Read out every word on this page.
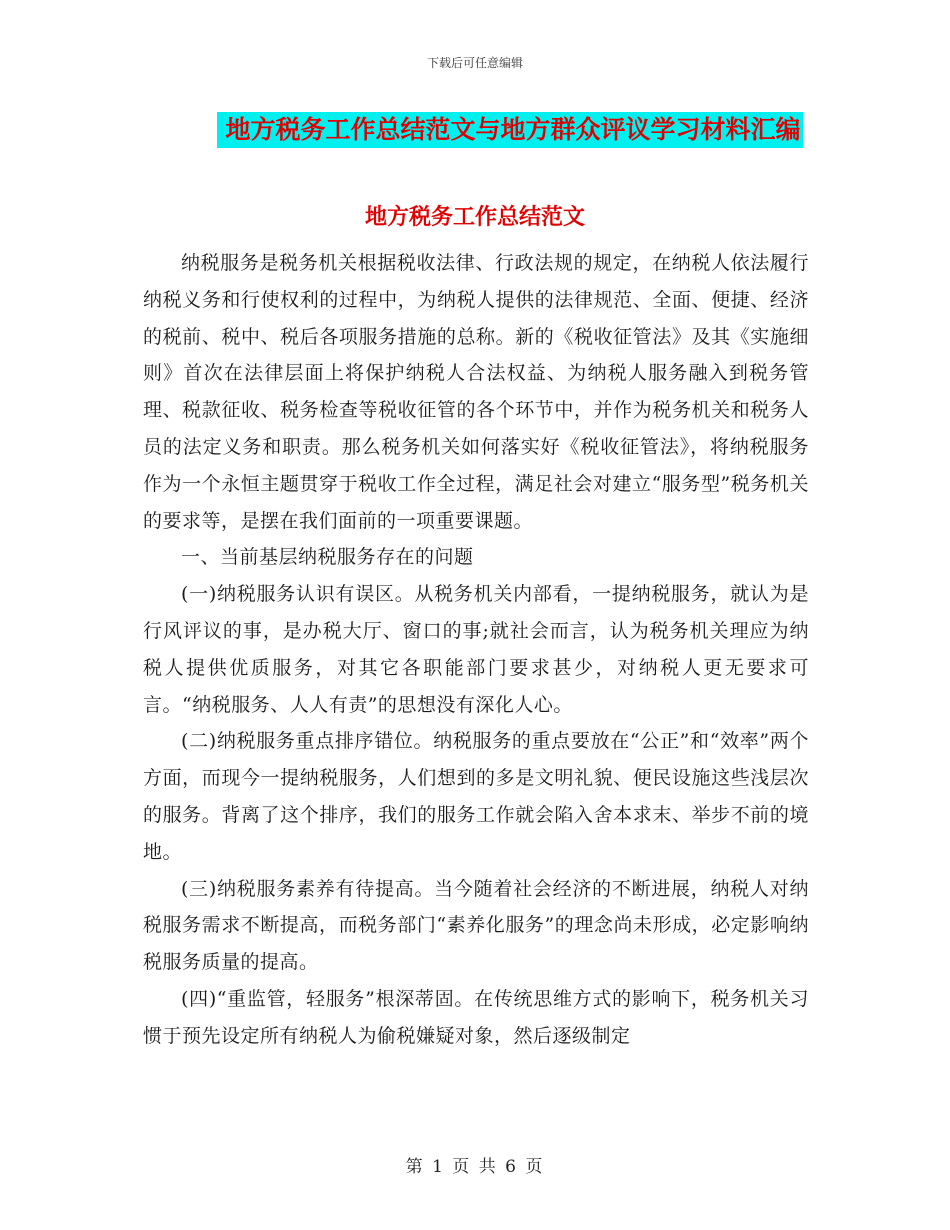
下载后可任意编辑
地方税务工作总结范文与地方群众评议学习材料汇编
地方税务工作总结范文

纳税服务是税务机关根据税收法律、行政法规的规定，在纳税人依法履行纳税义务和行使权利的过程中，为纳税人提供的法律规范、全面、便捷、经济的税前、税中、税后各项服务措施的总称。新的《税收征管法》及其《实施细则》首次在法律层面上将保护纳税人合法权益、为纳税人服务融入到税务管理、税款征收、税务检查等税收征管的各个环节中，并作为税务机关和税务人员的法定义务和职责。那么税务机关如何落实好《税收征管法》，将纳税服务作为一个永恒主题贯穿于税收工作全过程，满足社会对建立“服务型”税务机关的要求等，是摆在我们面前的一项重要课题。

一、当前基层纳税服务存在的问题

(一)纳税服务认识有误区。从税务机关内部看，一提纳税服务，就认为是行风评议的事，是办税大厅、窗口的事;就社会而言，认为税务机关理应为纳税人提供优质服务，对其它各职能部门要求甚少，对纳税人更无要求可言。“纳税服务、人人有责”的思想没有深化人心。

(二)纳税服务重点排序错位。纳税服务的重点要放在“公正”和“效率”两个方面，而现今一提纳税服务，人们想到的多是文明礼貌、便民设施这些浅层次的服务。背离了这个排序，我们的服务工作就会陷入舍本求末、举步不前的境地。

(三)纳税服务素养有待提高。当今随着社会经济的不断进展，纳税人对纳税服务需求不断提高，而税务部门“素养化服务”的理念尚未形成，必定影响纳税服务质量的提高。

(四)“重监管，轻服务”根深蒂固。在传统思维方式的影响下，税务机关习惯于预先设定所有纳税人为偷税嫌疑对象，然后逐级制定

第 1 页 共 6 页
